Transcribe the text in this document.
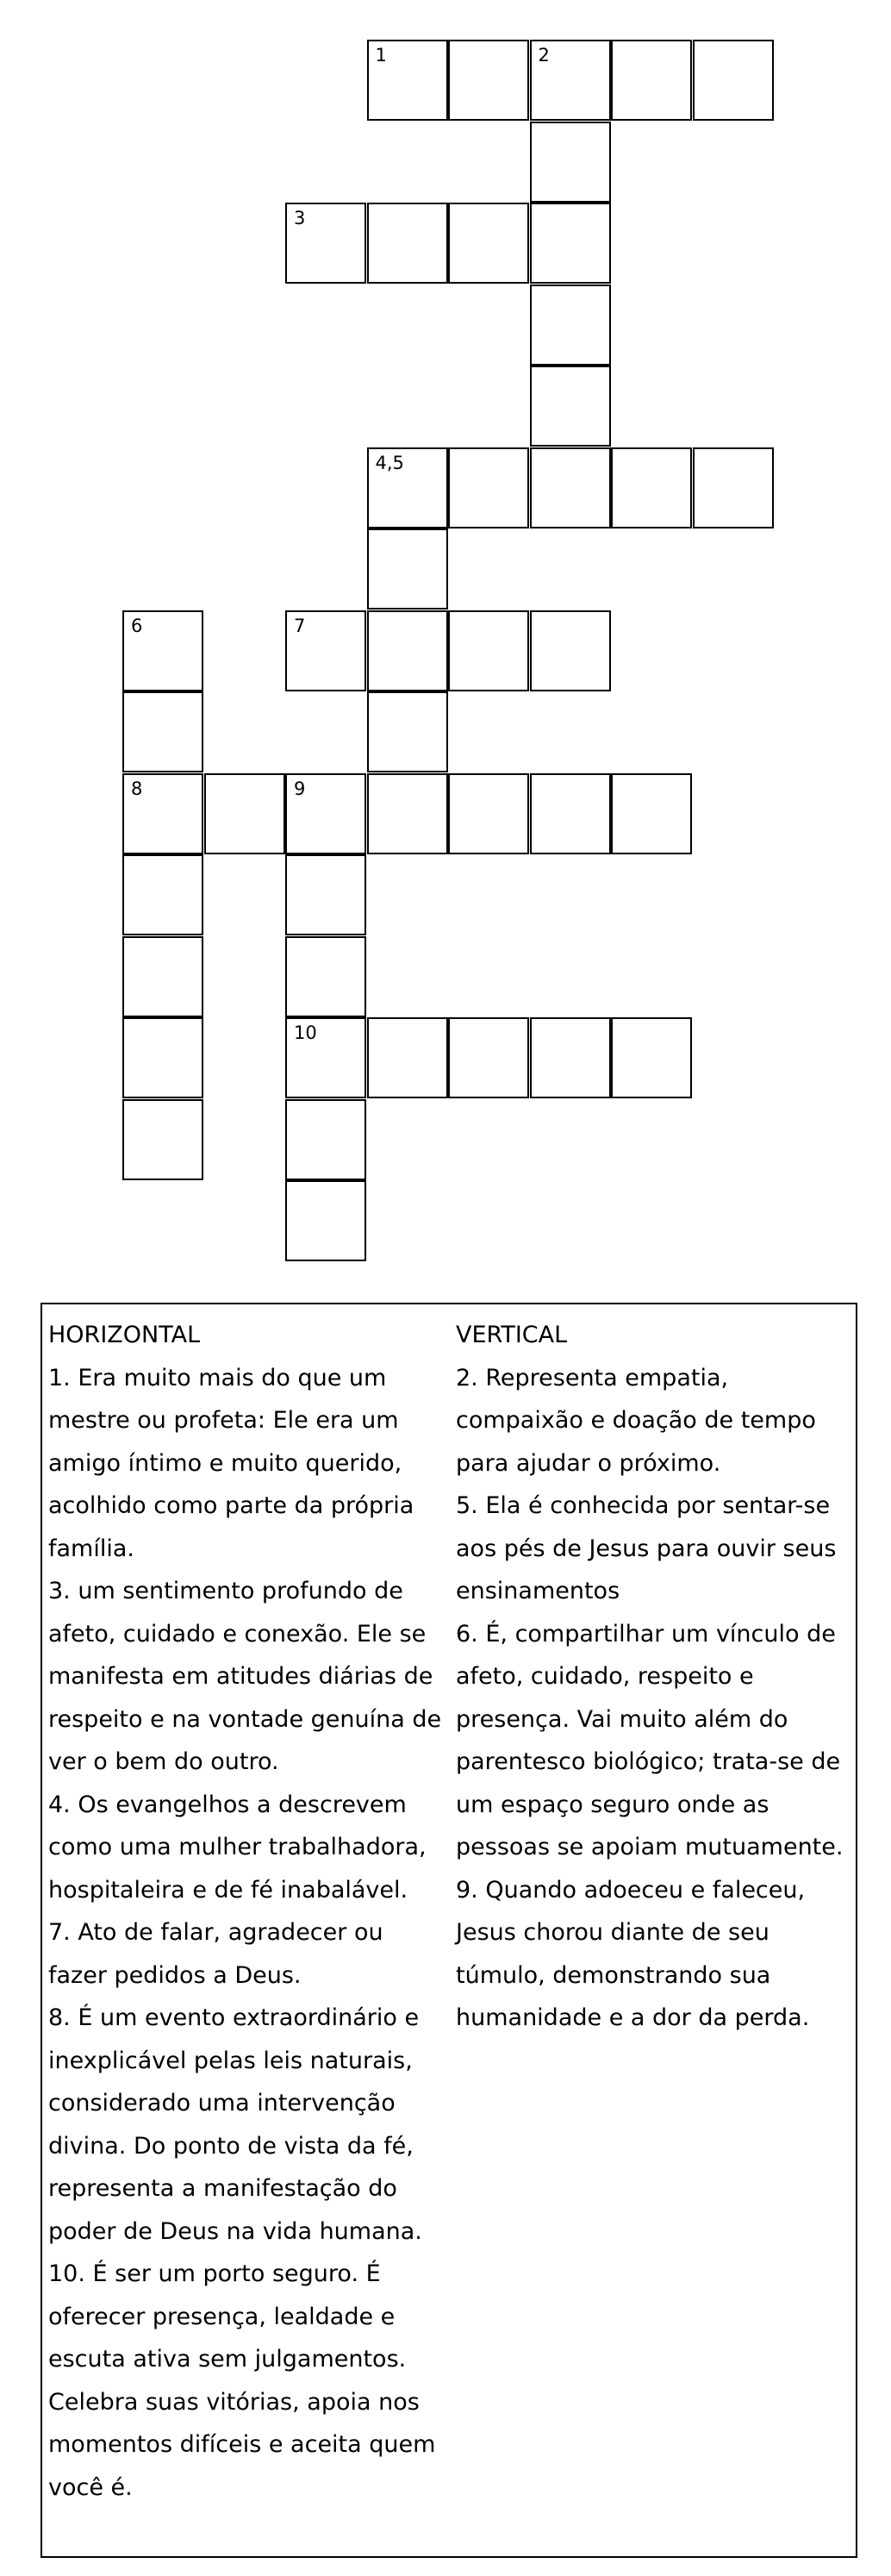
1	2
3
4,5
6	7
8	9
10
HORIZONTAL
1. Era muito mais do que um mestre ou profeta: Ele era um amigo íntimo e muito querido, acolhido como parte da própria família.
3. um sentimento profundo de afeto, cuidado e conexão. Ele se manifesta em atitudes diárias de respeito e na vontade genuína de ver o bem do outro.
4. Os evangelhos a descrevem como uma mulher trabalhadora, hospitaleira e de fé inabalável.
7. Ato de falar, agradecer ou fazer pedidos a Deus.
8. É um evento extraordinário e inexplicável pelas leis naturais, considerado uma intervenção divina. Do ponto de vista da fé, representa a manifestação do poder de Deus na vida humana.
10. É ser um porto seguro. É oferecer presença, lealdade e escuta ativa sem julgamentos. Celebra suas vitórias, apoia nos momentos difíceis e aceita quem você é.
VERTICAL
2. Representa empatia, compaixão e doação de tempo para ajudar o próximo.
5. Ela é conhecida por sentar-se aos pés de Jesus para ouvir seus ensinamentos
6. É, compartilhar um vínculo de afeto, cuidado, respeito e presença. Vai muito além do parentesco biológico; trata-se de um espaço seguro onde as pessoas se apoiam mutuamente.
9. Quando adoeceu e faleceu, Jesus chorou diante de seu túmulo, demonstrando sua humanidade e a dor da perda.
